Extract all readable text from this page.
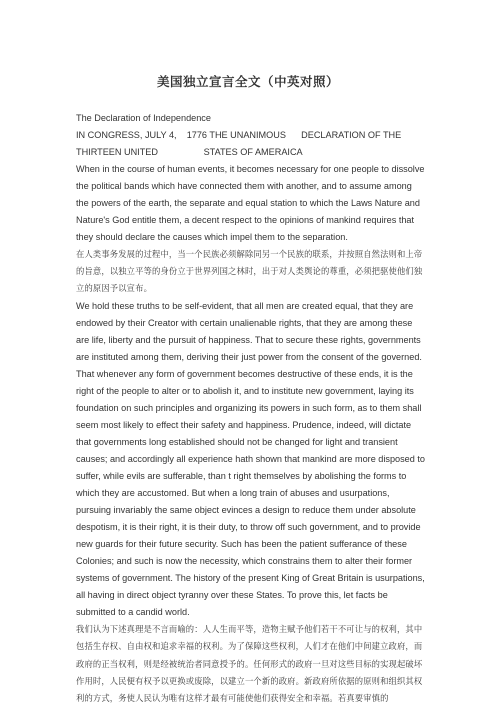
美国独立宣言全文（中英对照）

The Declaration of Independence

IN CONGRESS, JULY 4,    1776 THE UNANIMOUS      DECLARATION OF THE THIRTEEN UNITED                  STATES OF AMERAICA

When in the course of human events, it becomes necessary for one people to dissolve the political bands which have connected them with another, and to assume among the powers of the earth, the separate and equal station to which the Laws Nature and Nature's God entitle them, a decent respect to the opinions of mankind requires that they should declare the causes which impel them to the separation.

在人类事务发展的过程中，当一个民族必须解除同另一个民族的联系，并按照自然法则和上帝的旨意，以独立平等的身份立于世界列国之林时，出于对人类舆论的尊重，必须把驱使他们独立的原因予以宣布。

We hold these truths to be self-evident, that all men are created equal, that they are endowed by their Creator with certain unalienable rights, that they are among these are life, liberty and the pursuit of happiness. That to secure these rights, governments are instituted among them, deriving their just power from the consent of the governed. That whenever any form of government becomes destructive of these ends, it is the right of the people to alter or to abolish it, and to institute new government, laying its foundation on such principles and organizing its powers in such form, as to them shall seem most likely to effect their safety and happiness. Prudence, indeed, will dictate that governments long established should not be changed for light and transient causes; and accordingly all experience hath shown that mankind are more disposed to suffer, while evils are sufferable, than t right themselves by abolishing the forms to which they are accustomed. But when a long train of abuses and usurpations, pursuing invariably the same object evinces a design to reduce them under absolute despotism, it is their right, it is their duty, to throw off such government, and to provide new guards for their future security. Such has been the patient sufferance of these Colonies; and such is now the necessity, which constrains them to alter their former systems of government. The history of the present King of Great Britain is usurpations, all having in direct object tyranny over these States. To prove this, let facts be submitted to a candid world.

我们认为下述真理是不言而喻的：人人生而平等，造物主赋予他们若干不可让与的权利，其中包括生存权、自由权和追求幸福的权利。为了保障这些权利，人们才在他们中间建立政府，而政府的正当权利，则是经被统治者同意授予的。任何形式的政府一旦对这些目标的实现起破坏作用时，人民便有权予以更换或废除，以建立一个新的政府。新政府所依据的原则和组织其权利的方式，务使人民认为唯有这样才最有可能使他们获得安全和幸福。若真要审慎的
